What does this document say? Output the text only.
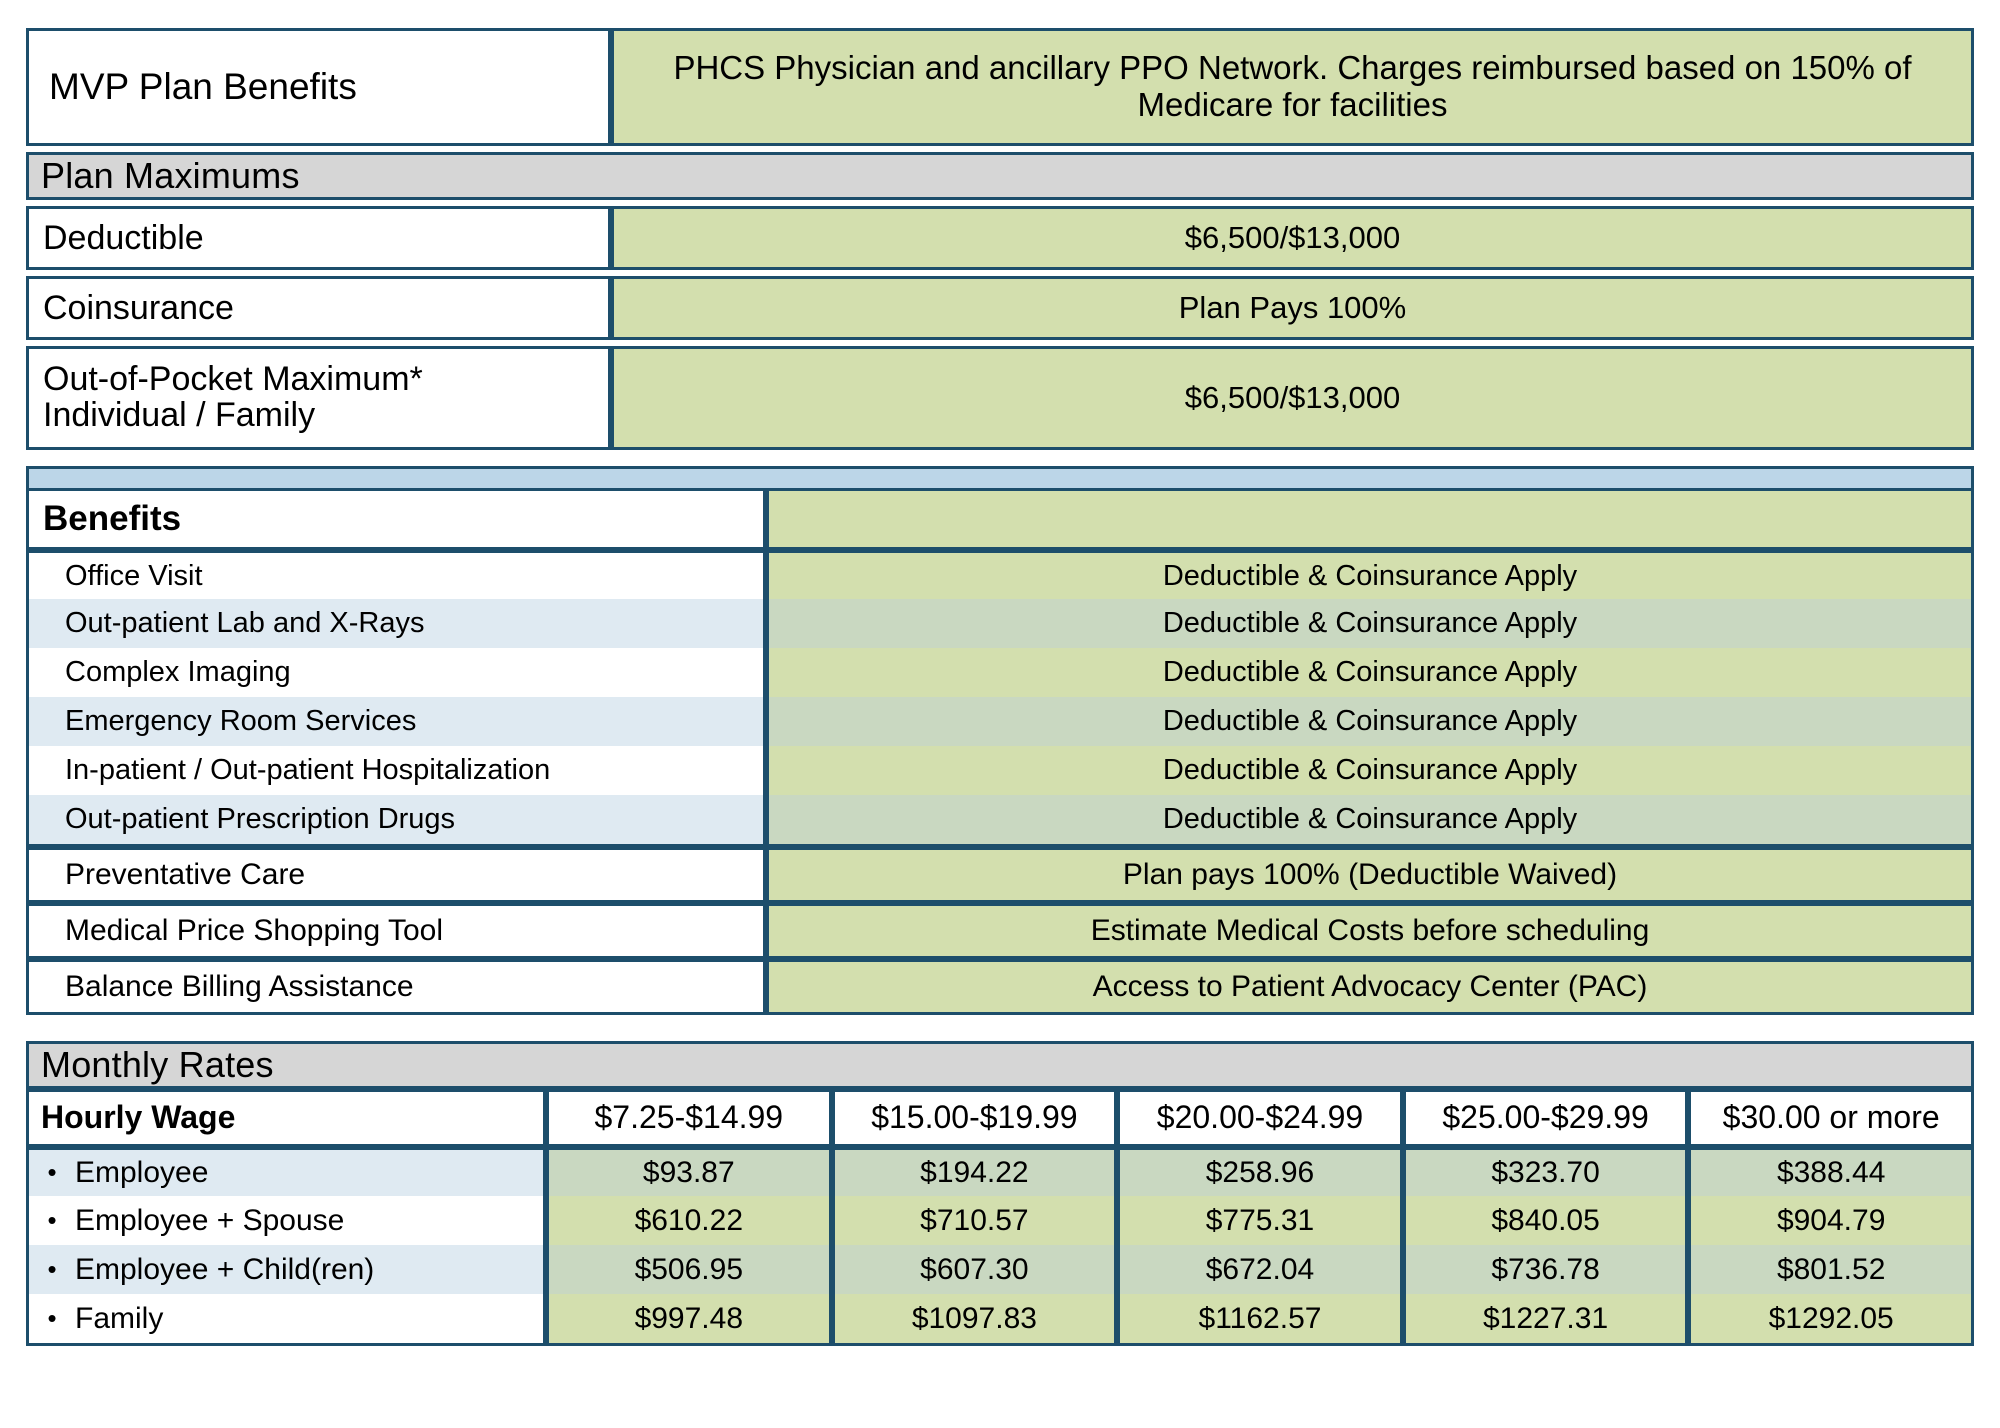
MVP Plan Benefits	PHCS Physician and ancillary PPO Network. Charges reimbursed based on 150% of Medicare for facilities
Plan Maximums
Deductible	$6,500/$13,000
Coinsurance	Plan Pays 100%
Out-of-Pocket Maximum*
Individual / Family	$6,500/$13,000
Benefits
Office Visit	Deductible & Coinsurance Apply
Out-patient Lab and X-Rays	Deductible & Coinsurance Apply
Complex Imaging	Deductible & Coinsurance Apply
Emergency Room Services	Deductible & Coinsurance Apply
In-patient / Out-patient Hospitalization	Deductible & Coinsurance Apply
Out-patient Prescription Drugs	Deductible & Coinsurance Apply
Preventative Care	Plan pays 100% (Deductible Waived)
Medical Price Shopping Tool	Estimate Medical Costs before scheduling
Balance Billing Assistance	Access to Patient Advocacy Center (PAC)
Monthly Rates
Hourly Wage	$7.25-$14.99	$15.00-$19.99 $20.00-$24.99 $25.00-$29.99 $30.00 or more
• Employee	$93.87	$194.22	$258.96	$323.70	$388.44
• Employee + Spouse	$610.22	$710.57	$775.31	$840.05	$904.79
• Employee + Child(ren)	$506.95	$607.30	$672.04	$736.78	$801.52
• Family	$997.48	$1097.83	$1162.57	$1227.31	$1292.05
